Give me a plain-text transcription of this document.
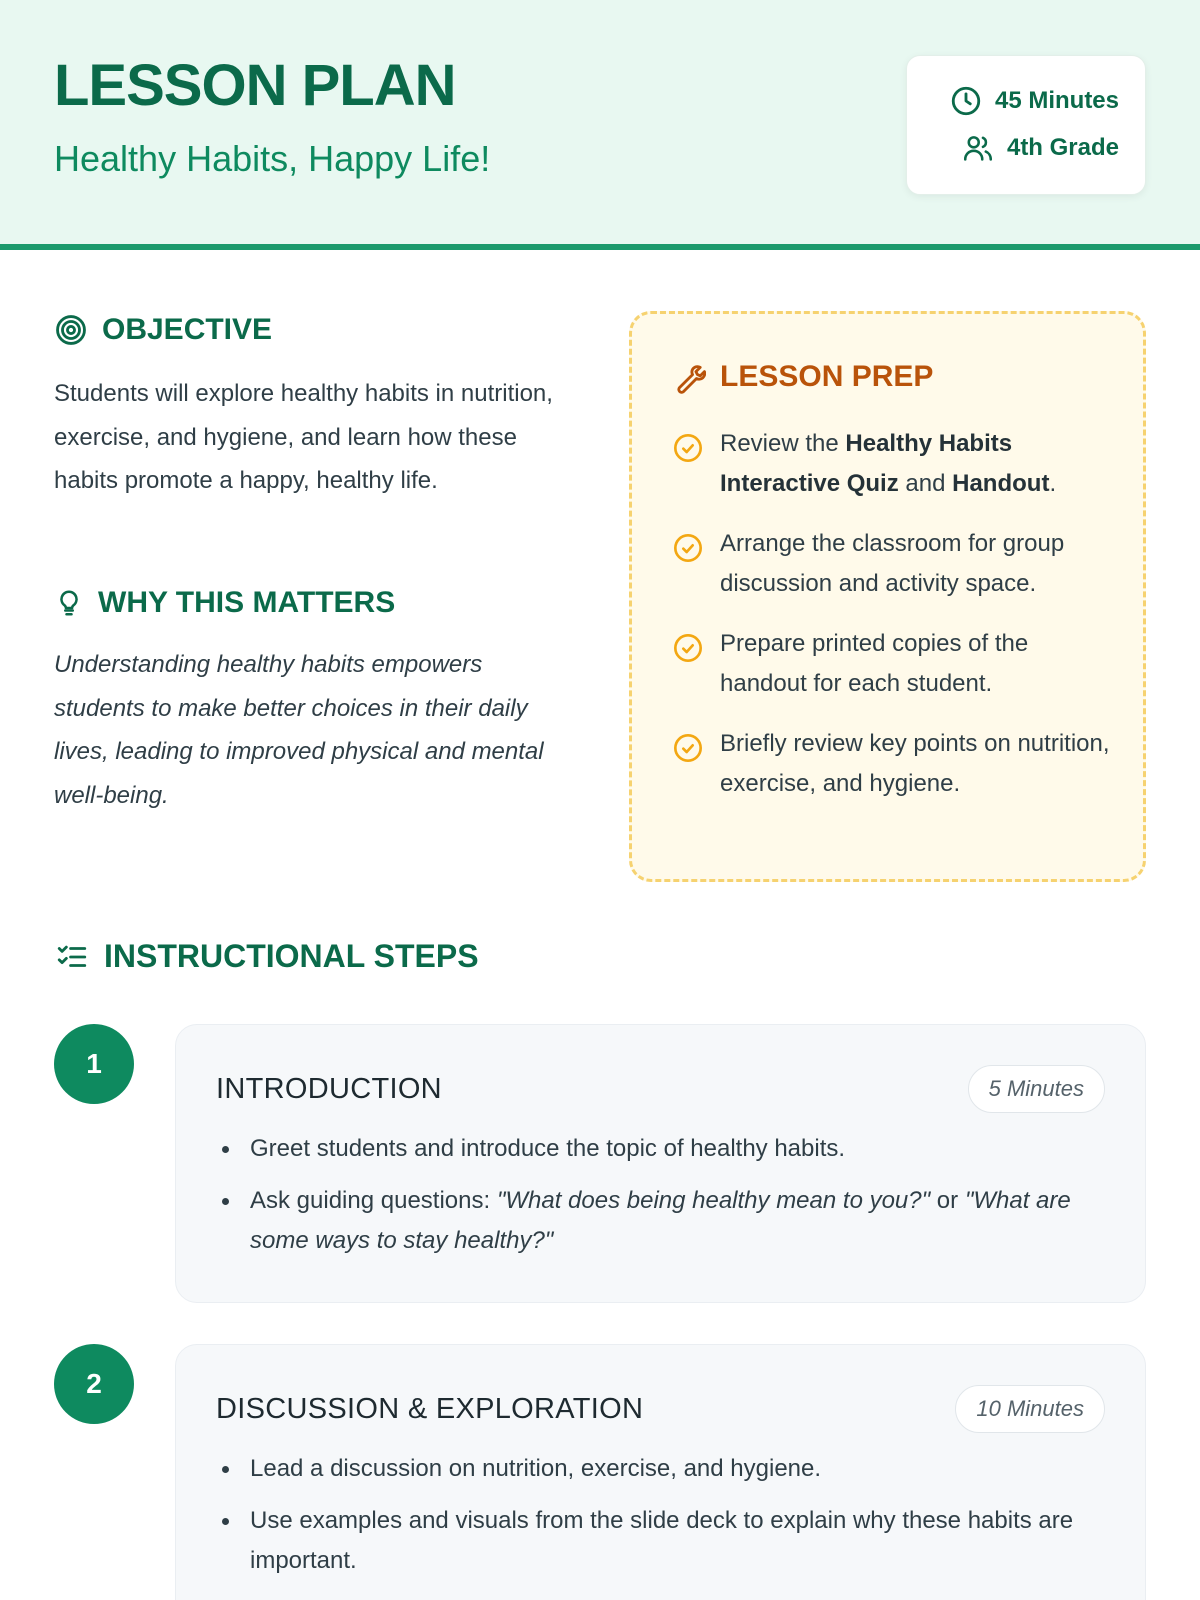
LESSON PLAN
Healthy Habits, Happy Life!
45 Minutes
4th Grade
OBJECTIVE

Students will explore healthy habits in nutrition, exercise, and hygiene, and learn how these habits promote a happy, healthy life.

WHY THIS MATTERS

Understanding healthy habits empowers students to make better choices in their daily lives, leading to improved physical and mental well-being.

LESSON PREP
Review the Healthy Habits Interactive Quiz and Handout.
Arrange the classroom for group discussion and activity space.
Prepare printed copies of the handout for each student.
Briefly review key points on nutrition, exercise, and hygiene.
INSTRUCTIONAL STEPS
1
INTRODUCTION	5 Minutes
Greet students and introduce the topic of healthy habits.
Ask guiding questions: "What does being healthy mean to you?" or "What are some ways to stay healthy?"
2
DISCUSSION & EXPLORATION	10 Minutes
Lead a discussion on nutrition, exercise, and hygiene.
Use examples and visuals from the slide deck to explain why these habits are important.
